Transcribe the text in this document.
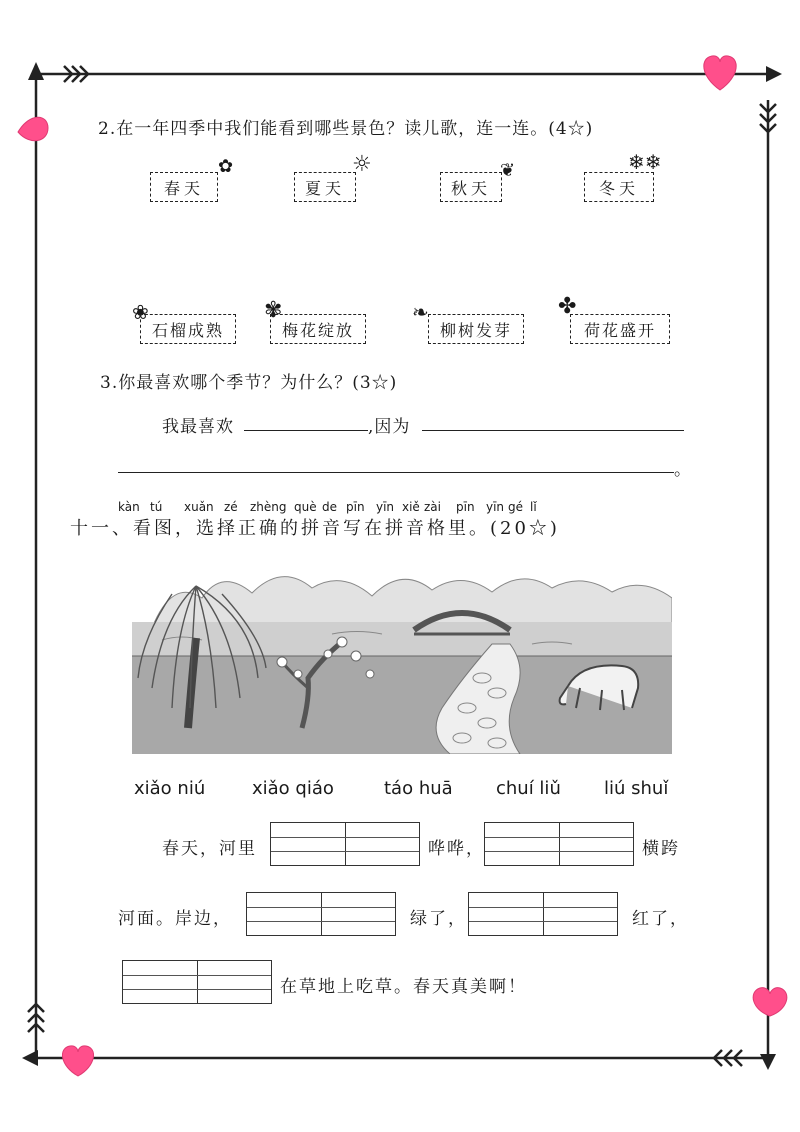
2.在一年四季中我们能看到哪些景色？读儿歌，连一连。(4☆)
春天
✿
夏天
☼
秋天
❦
冬天
❄❄
❀
石榴成熟
✾
梅花绽放
❧
柳树发芽
✤
荷花盛开
3.你最喜欢哪个季节？为什么？(3☆)
我最喜欢	,因为
。
kàn tú xuǎn zé zhèng què de pīn yīn xiě zài pīn yīn gé lǐ
十一、看图，选择正确的拼音写在拼音格里。(20☆)
xiǎo niú	xiǎo qiáo	táo huā chuí liǔ liú shuǐ
春天，河里	哗哗，	横跨
河面。岸边，	绿了，	红了，
在草地上吃草。春天真美啊！
